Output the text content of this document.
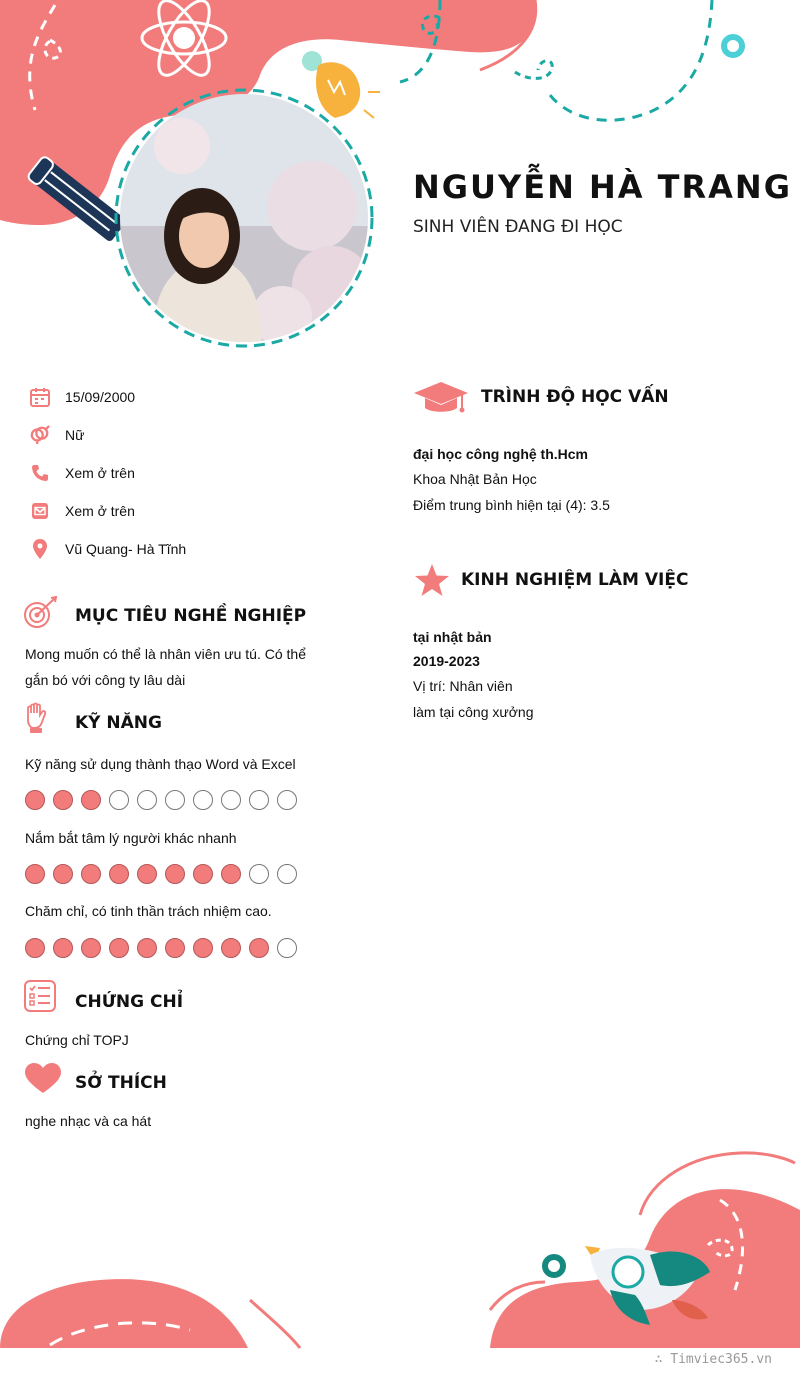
NGUYỄN HÀ TRANG
SINH VIÊN ĐANG ĐI HỌC
15/09/2000
Nữ
Xem ở trên
Xem ở trên
Vũ Quang- Hà Tĩnh
MỤC TIÊU NGHỀ NGHIỆP
Mong muốn có thể là nhân viên ưu tú. Có thể
gắn bó với công ty lâu dài
KỸ NĂNG
Kỹ năng sử dụng thành thạo Word và Excel
Nắm bắt tâm lý người khác nhanh
Chăm chỉ, có tinh thần trách nhiệm cao.
CHỨNG CHỈ
Chứng chỉ TOPJ
SỞ THÍCH
nghe nhạc và ca hát
TRÌNH ĐỘ HỌC VẤN
đại học công nghệ th.Hcm
Khoa Nhật Bản Học
Điểm trung bình hiện tại (4): 3.5
KINH NGHIỆM LÀM VIỆC
tại nhật bản
2019-2023
Vị trí: Nhân viên
làm tại công xưởng
∴ Timviec365.vn
